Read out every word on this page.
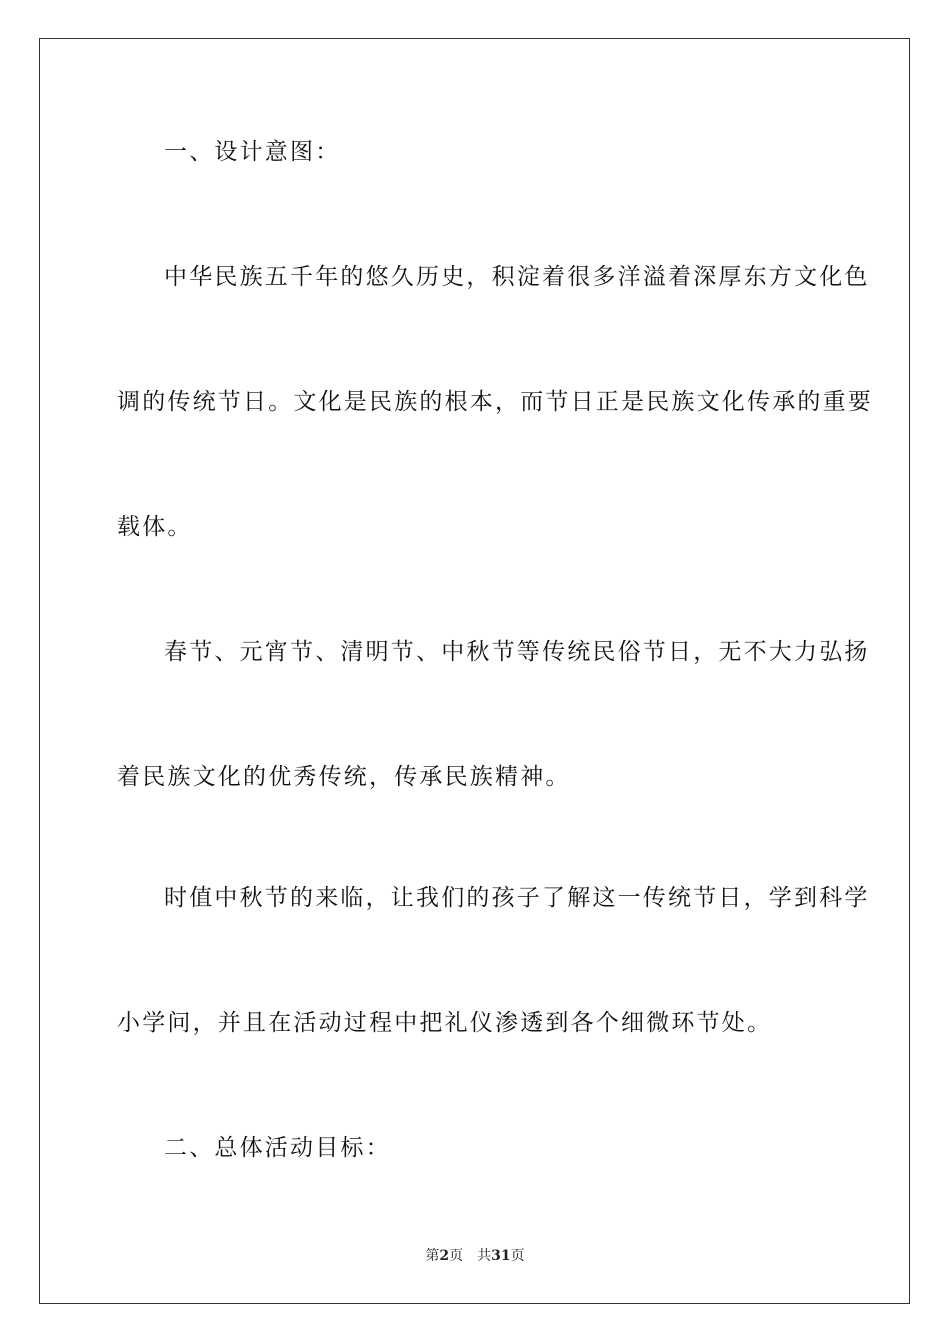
一、设计意图：
中华民族五千年的悠久历史，积淀着很多洋溢着深厚东方文化色
调的传统节日。文化是民族的根本，而节日正是民族文化传承的重要
载体。
春节、元宵节、清明节、中秋节等传统民俗节日，无不大力弘扬
着民族文化的优秀传统，传承民族精神。
时值中秋节的来临，让我们的孩子了解这一传统节日，学到科学
小学问，并且在活动过程中把礼仪渗透到各个细微环节处。
二、总体活动目标：
第2页 共31页
